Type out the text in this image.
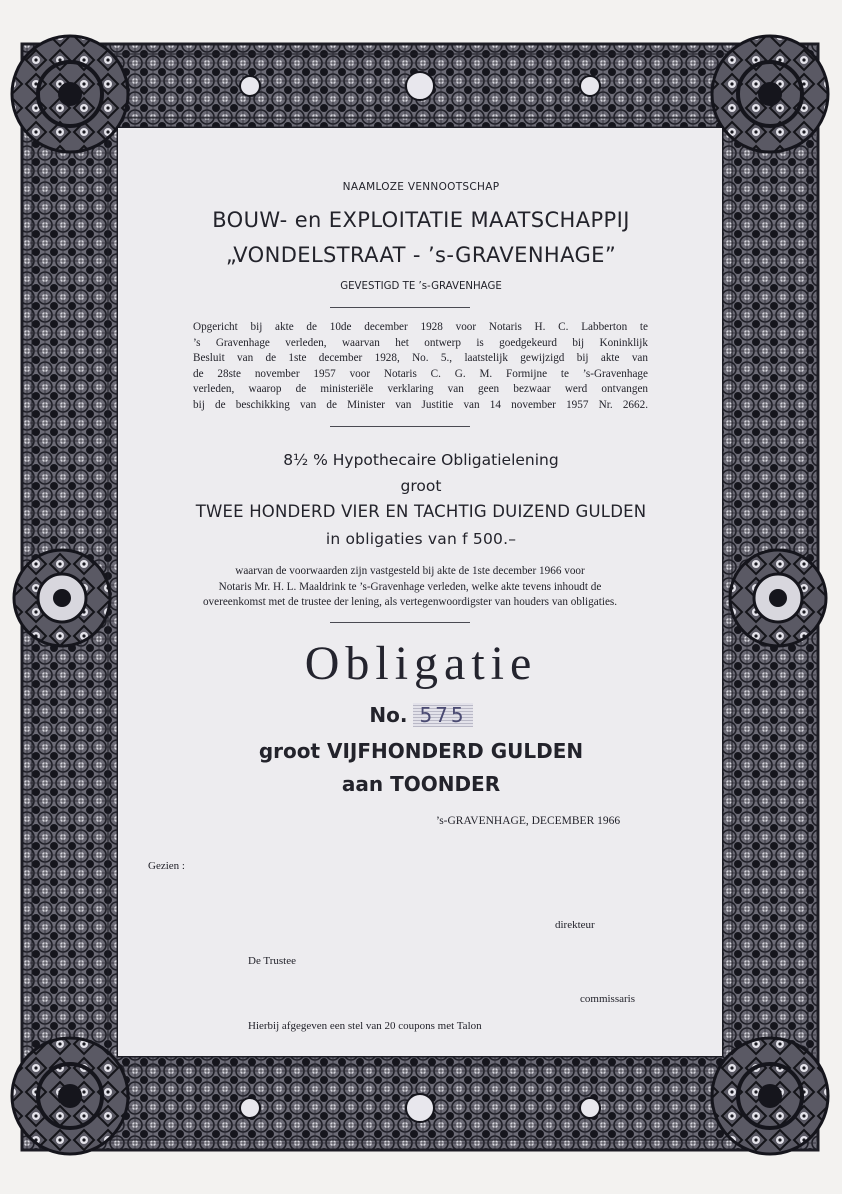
NAAMLOZE VENNOOTSCHAP
BOUW- en EXPLOITATIE MAATSCHAPPIJ
„VONDELSTRAAT - ’s-GRAVENHAGE”
GEVESTIGD TE ’s-GRAVENHAGE
Opgericht bij akte de 10de december 1928 voor Notaris H. C. Labberton te
’s Gravenhage verleden, waarvan het ontwerp is goedgekeurd bij Koninklijk
Besluit van de 1ste december 1928, No. 5., laatstelijk gewijzigd bij akte van
de 28ste november 1957 voor Notaris C. G. M. Formijne te ’s-Gravenhage
verleden, waarop de ministeriële verklaring van geen bezwaar werd ontvangen
bij de beschikking van de Minister van Justitie van 14 november 1957 Nr. 2662.
8½ % Hypothecaire Obligatielening
groot
TWEE HONDERD VIER EN TACHTIG DUIZEND GULDEN
in obligaties van f 500.–
waarvan de voorwaarden zijn vastgesteld bij akte de 1ste december 1966 voor
Notaris Mr. H. L. Maaldrink te ’s-Gravenhage verleden, welke akte tevens inhoudt de
overeenkomst met de trustee der lening, als vertegenwoordigster van houders van obligaties.
Obligatie
No. 575
groot VIJFHONDERD GULDEN
aan TOONDER
’s-GRAVENHAGE, DECEMBER 1966
Gezien :
direkteur
De Trustee
commissaris
Hierbij afgegeven een stel van 20 coupons met Talon
